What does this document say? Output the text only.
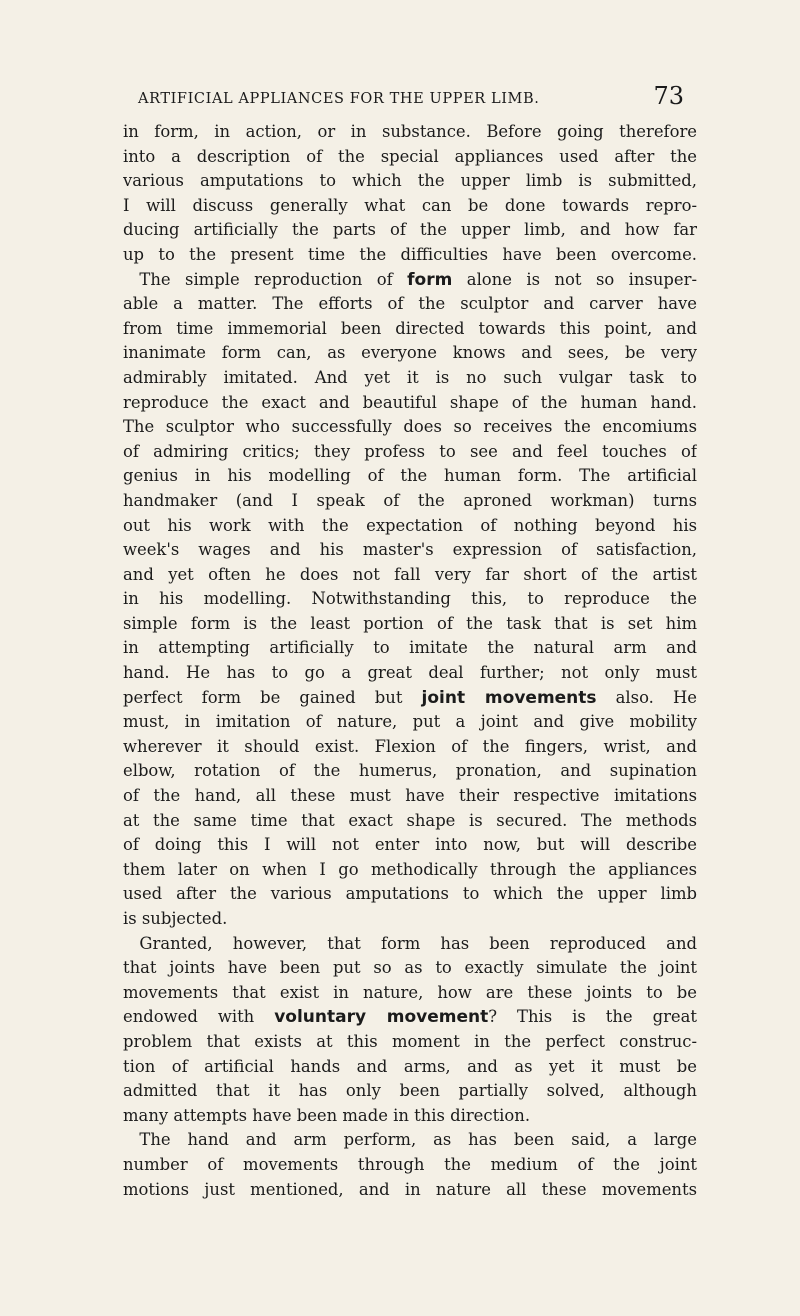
ARTIFICIAL APPLIANCES FOR THE UPPER LIMB.	73
in form, in action, or in substance. Before going therefore
into a description of the special appliances used after the
various amputations to which the upper limb is submitted,
I will discuss generally what can be done towards repro-
ducing artificially the parts of the upper limb, and how far
up to the present time the difficulties have been overcome.
 The simple reproduction of form alone is not so insuper-
able a matter. The efforts of the sculptor and carver have
from time immemorial been directed towards this point, and
inanimate form can, as everyone knows and sees, be very
admirably imitated. And yet it is no such vulgar task to
reproduce the exact and beautiful shape of the human hand.
The sculptor who successfully does so receives the encomiums
of admiring critics; they profess to see and feel touches of
genius in his modelling of the human form. The artificial
handmaker (and I speak of the aproned workman) turns
out his work with the expectation of nothing beyond his
week's wages and his master's expression of satisfaction,
and yet often he does not fall very far short of the artist
in his modelling. Notwithstanding this, to reproduce the
simple form is the least portion of the task that is set him
in attempting artificially to imitate the natural arm and
hand. He has to go a great deal further; not only must
perfect form be gained but joint movements also. He
must, in imitation of nature, put a joint and give mobility
wherever it should exist. Flexion of the fingers, wrist, and
elbow, rotation of the humerus, pronation, and supination
of the hand, all these must have their respective imitations
at the same time that exact shape is secured. The methods
of doing this I will not enter into now, but will describe
them later on when I go methodically through the appliances
used after the various amputations to which the upper limb
is subjected.
 Granted, however, that form has been reproduced and
that joints have been put so as to exactly simulate the joint
movements that exist in nature, how are these joints to be
endowed with voluntary movement? This is the great
problem that exists at this moment in the perfect construc-
tion of artificial hands and arms, and as yet it must be
admitted that it has only been partially solved, although
many attempts have been made in this direction.
 The hand and arm perform, as has been said, a large
number of movements through the medium of the joint
motions just mentioned, and in nature all these movements
